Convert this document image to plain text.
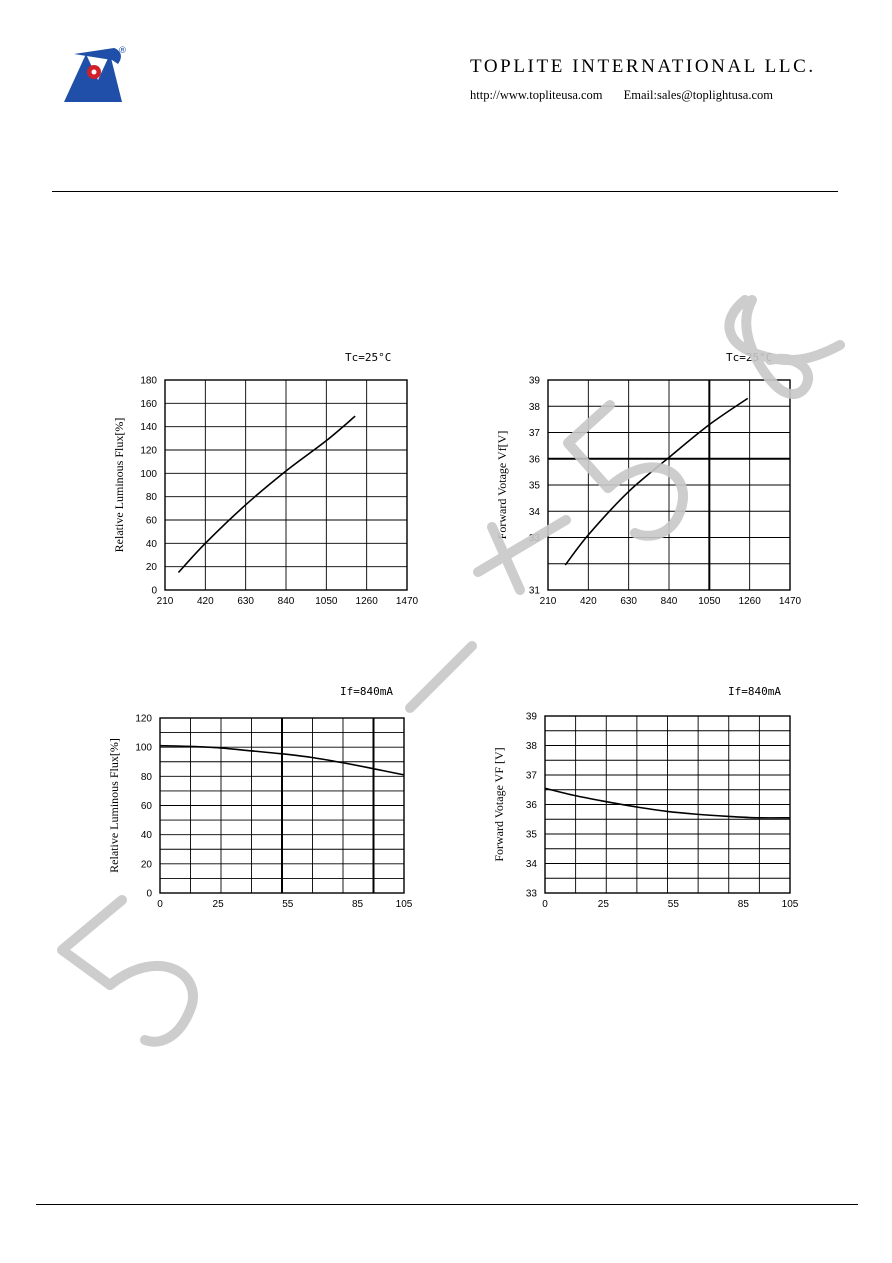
®
TOPLITE INTERNATIONAL LLC.
http://www.topliteusa.com Email:sales@toplightusa.com
210 420 630 840 1050 1260 1470
0
20
40
60
80
100
120
140
160
180
Relative Luminous Flux[%]
Tc=25°C
210 420 630 840 1050 1260 1470
31
33
34
35
36
37
38
39
Forward Votage Vf[V]
Tc=25°C
0	25	55	85	105
0
20
40
60
80
100
120
Relative Luminous Flux[%]
If=840mA
0	25	55	85	105
33
34
35
36
37
38
39
Forward Votage VF [V]
If=840mA
